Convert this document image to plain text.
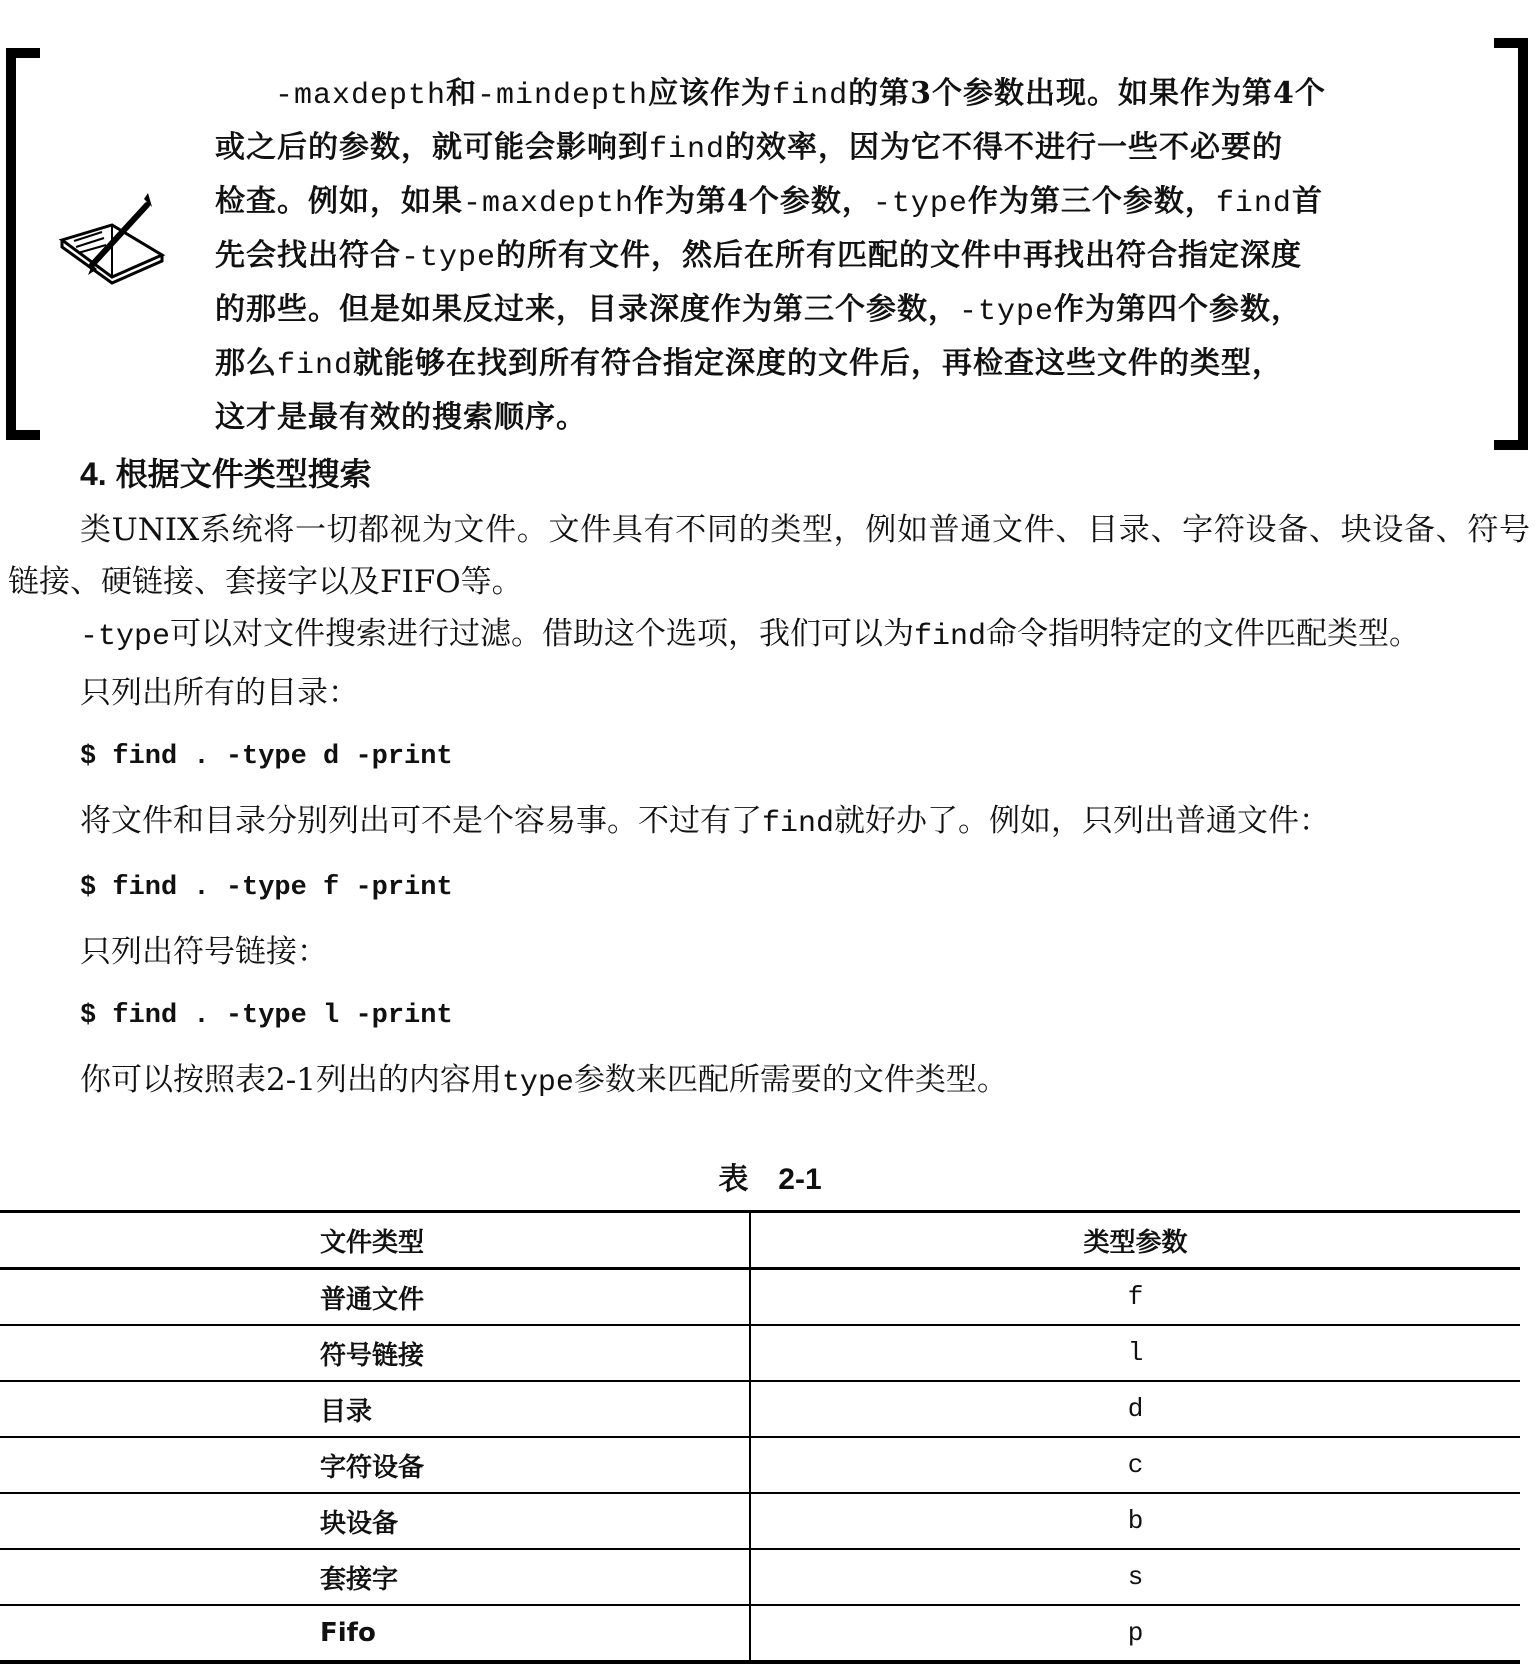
-maxdepth和-mindepth应该作为find的第3个参数出现。如果作为第4个
或之后的参数，就可能会影响到find的效率，因为它不得不进行一些不必要的
检查。例如，如果-maxdepth作为第4个参数，-type作为第三个参数，find首
先会找出符合-type的所有文件，然后在所有匹配的文件中再找出符合指定深度
的那些。但是如果反过来，目录深度作为第三个参数，-type作为第四个参数，
那么find就能够在找到所有符合指定深度的文件后，再检查这些文件的类型，
这才是最有效的搜索顺序。
4. 根据文件类型搜索

类UNIX系统将一切都视为文件。文件具有不同的类型，例如普通文件、目录、字符设备、块设备、符号链接、硬链接、套接字以及FIFO等。

-type可以对文件搜索进行过滤。借助这个选项，我们可以为find命令指明特定的文件匹配类型。

只列出所有的目录：
$ find . -type d -print
将文件和目录分别列出可不是个容易事。不过有了find就好办了。例如，只列出普通文件：
$ find . -type f -print
只列出符号链接：
$ find . -type l -print
你可以按照表2-1列出的内容用type参数来匹配所需要的文件类型。
表　2-1
文件类型	类型参数
普通文件	f
符号链接	l
目录	d
字符设备	c
块设备	b
套接字	s
Fifo	p
